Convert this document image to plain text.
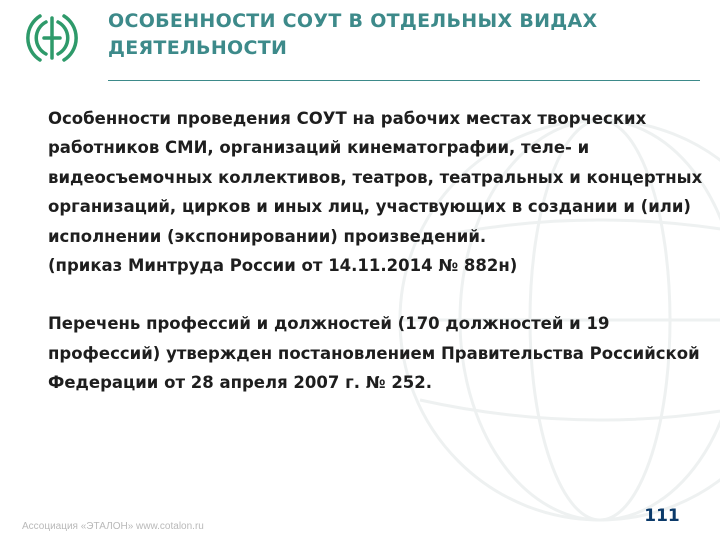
ОСОБЕННОСТИ СОУТ В ОТДЕЛЬНЫХ ВИДАХ ДЕЯТЕЛЬНОСТИ

Особенности проведения СОУТ на рабочих местах творческих работников СМИ, организаций кинематографии, теле- и видеосъемочных коллективов, театров, театральных и концертных организаций, цирков и иных лиц, участвующих в создании и (или) исполнении (экспонировании) произведений.
(приказ Минтруда России от 14.11.2014 № 882н)

Перечень профессий и должностей (170 должностей и 19 профессий) утвержден постановлением Правительства Российской Федерации от 28 апреля 2007 г. № 252.

Ассоциация «ЭТАЛОН» www.cotalon.ru
111
